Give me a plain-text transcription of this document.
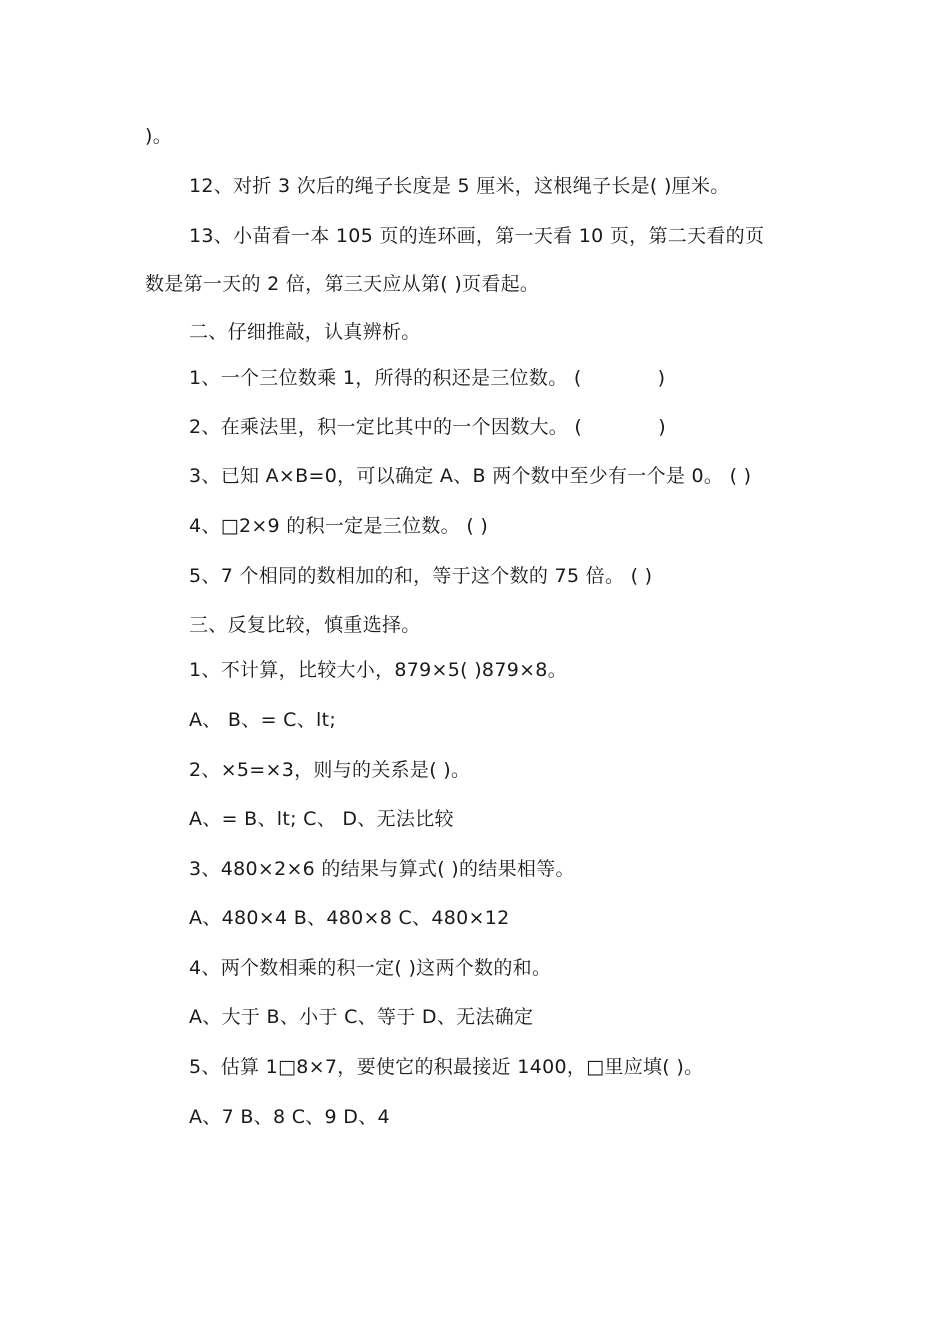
)。
12、对折 3 次后的绳子长度是 5 厘米，这根绳子长是( )厘米。
13、小苗看一本 105 页的连环画，第一天看 10 页，第二天看的页
数是第一天的 2 倍，第三天应从第( )页看起。
二、仔细推敲，认真辨析。
1、一个三位数乘 1，所得的积还是三位数。 (            )
2、在乘法里，积一定比其中的一个因数大。 (            )
3、已知 A×B=0，可以确定 A、B 两个数中至少有一个是 0。 ( )
4、□2×9 的积一定是三位数。 ( )
5、7 个相同的数相加的和，等于这个数的 75 倍。 ( )
三、反复比较，慎重选择。
1、不计算，比较大小，879×5( )879×8。
A、 B、= C、lt;
2、×5=×3，则与的关系是( )。
A、= B、lt; C、 D、无法比较
3、480×2×6 的结果与算式( )的结果相等。
A、480×4 B、480×8 C、480×12
4、两个数相乘的积一定( )这两个数的和。
A、大于 B、小于 C、等于 D、无法确定
5、估算 1□8×7，要使它的积最接近 1400，□里应填( )。
A、7 B、8 C、9 D、4
